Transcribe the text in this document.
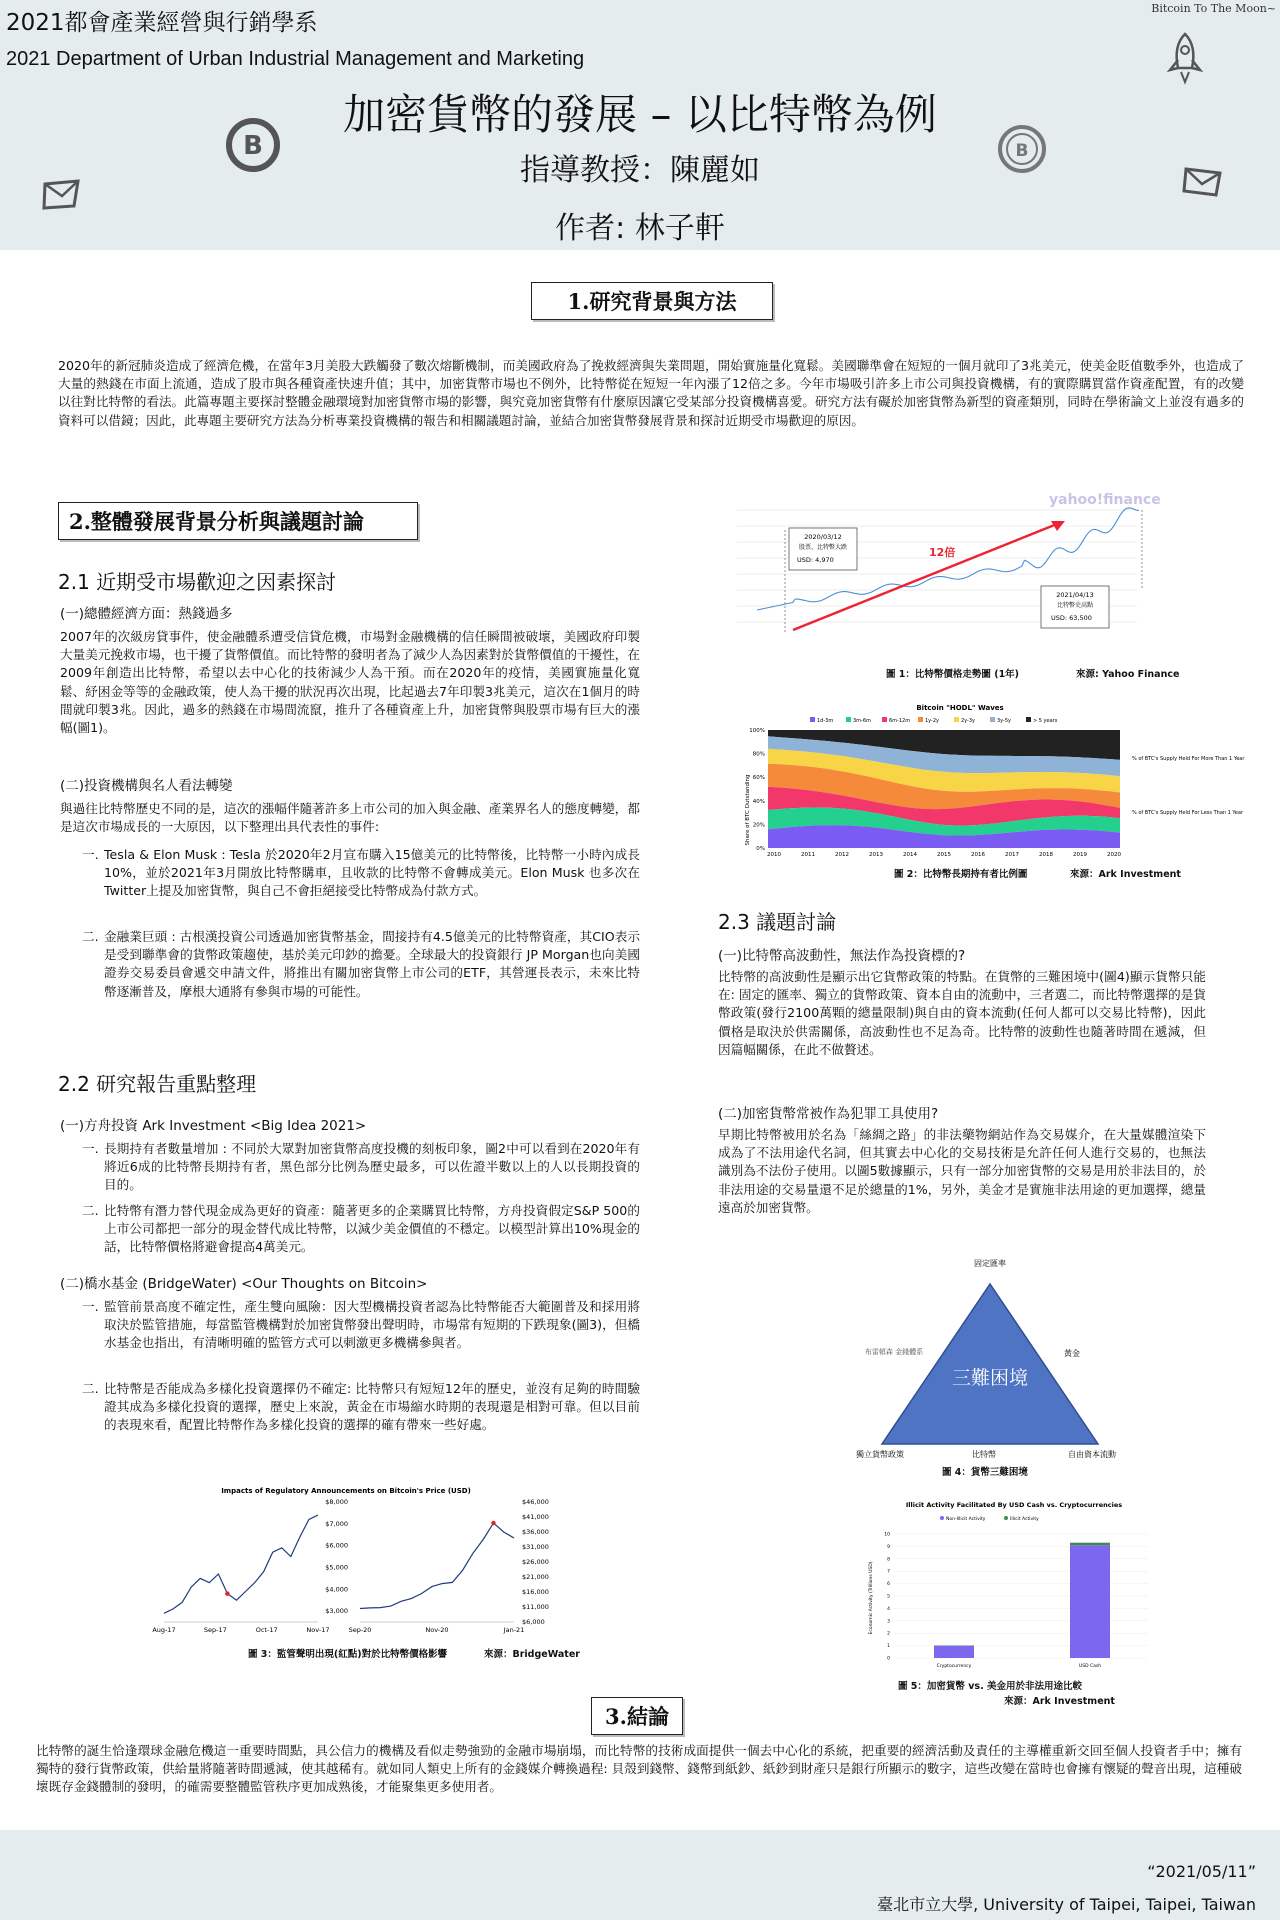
2021都會產業經營與行銷學系
2021 Department of Urban Industrial Management and Marketing
Bitcoin To The Moon~
加密貨幣的發展 – 以比特幣為例
指導教授：陳麗如
作者: 林子軒
B	B
1.研究背景與方法
2020年的新冠肺炎造成了經濟危機，在當年3月美股大跌觸發了數次熔斷機制，而美國政府為了挽救經濟與失業問題，開始實施量化寬鬆。美國聯準會在短短的一個月就印了3兆美元，使美金貶值數季外，也造成了大量的熱錢在市面上流通，造成了股市與各種資產快速升值；其中，加密貨幣市場也不例外，比特幣從在短短一年內漲了12倍之多。今年市場吸引許多上市公司與投資機構，有的實際購買當作資產配置，有的改變以往對比特幣的看法。此篇專題主要探討整體金融環境對加密貨幣市場的影響，與究竟加密貨幣有什麼原因讓它受某部分投資機構喜愛。研究方法有礙於加密貨幣為新型的資產類別，同時在學術論文上並沒有過多的資料可以借鏡；因此，此專題主要研究方法為分析專業投資機構的報告和相關議題討論，並結合加密貨幣發展背景和探討近期受市場歡迎的原因。
2.整體發展背景分析與議題討論
2.1 近期受市場歡迎之因素探討
(一)總體經濟方面：熱錢過多
2007年的次級房貸事件，使金融體系遭受信貸危機，市場對金融機構的信任瞬間被破壞，美國政府印製大量美元挽救市場，也干擾了貨幣價值。而比特幣的發明者為了減少人為因素對於貨幣價值的干擾性，在2009年創造出比特幣，希望以去中心化的技術減少人為干預。而在2020年的疫情，美國實施量化寬鬆、紓困金等等的金融政策，使人為干擾的狀況再次出現，比起過去7年印製3兆美元，這次在1個月的時間就印製3兆。因此，過多的熱錢在市場間流竄，推升了各種資產上升，加密貨幣與股票市場有巨大的漲幅(圖1)。
(二)投資機構與名人看法轉變
與過往比特幣歷史不同的是，這次的漲幅伴隨著許多上市公司的加入與金融、產業界名人的態度轉變，都是這次市場成長的一大原因，以下整理出具代表性的事件:
一. Tesla & Elon Musk : Tesla 於2020年2月宣布購入15億美元的比特幣後，比特幣一小時內成長10%，並於2021年3月開放比特幣購車，且收款的比特幣不會轉成美元。Elon Musk 也多次在Twitter上提及加密貨幣，與自己不會拒絕接受比特幣成為付款方式。
二. 金融業巨頭 : 古根漢投資公司透過加密貨幣基金，間接持有4.5億美元的比特幣資產，其CIO表示是受到聯準會的貨幣政策趨使，基於美元印鈔的擔憂。全球最大的投資銀行 JP Morgan也向美國證券交易委員會遞交申請文件，將推出有關加密貨幣上市公司的ETF，其營運長表示，未來比特幣逐漸普及，摩根大通將有參與市場的可能性。
2.2 研究報告重點整理
(一)方舟投資 Ark Investment <Big Idea 2021>
一. 長期持有者數量增加 : 不同於大眾對加密貨幣高度投機的刻板印象，圖2中可以看到在2020年有將近6成的比特幣長期持有者，黑色部分比例為歷史最多，可以佐證半數以上的人以長期投資的目的。
二. 比特幣有潛力替代現金成為更好的資產：隨著更多的企業購買比特幣，方舟投資假定S&P 500的上市公司都把一部分的現金替代成比特幣，以減少美金價值的不穩定。以模型計算出10%現金的話，比特幣價格將避會提高4萬美元。
(二)橋水基金 (BridgeWater) <Our Thoughts on Bitcoin>
一. 監管前景高度不確定性，產生雙向風險：因大型機構投資者認為比特幣能否大範圍普及和採用將取決於監管措施，每當監管機構對於加密貨幣發出聲明時，市場常有短期的下跌現象(圖3)，但橋水基金也指出，有清晰明確的監管方式可以刺激更多機構參與者。
二. 比特幣是否能成為多樣化投資選擇仍不確定: 比特幣只有短短12年的歷史，並沒有足夠的時間驗證其成為多樣化投資的選擇，歷史上來說，黃金在市場縮水時期的表現還是相對可靠。但以目前的表現來看，配置比特幣作為多樣化投資的選擇的確有帶來一些好處。
2.3 議題討論
(一)比特幣高波動性，無法作為投資標的?
比特幣的高波動性是顯示出它貨幣政策的特點。在貨幣的三難困境中(圖4)顯示貨幣只能在: 固定的匯率、獨立的貨幣政策、資本自由的流動中，三者選二，而比特幣選擇的是貨幣政策(發行2100萬顆的總量限制)與自由的資本流動(任何人都可以交易比特幣)，因此價格是取決於供需關係，高波動性也不足為奇。比特幣的波動性也隨著時間在遞減，但因篇幅關係，在此不做贅述。
(二)加密貨幣常被作為犯罪工具使用?
早期比特幣被用於名為「絲綢之路」的非法藥物網站作為交易媒介，在大量媒體渲染下成為了不法用途代名詞，但其實去中心化的交易技術是允許任何人進行交易的，也無法識別為不法份子使用。以圖5數據顯示，只有一部分加密貨幣的交易是用於非法目的，於非法用途的交易量還不足於總量的1%，另外，美金才是實施非法用途的更加選擇，總量遠高於加密貨幣。
yahoo!finance
2020/03/12
股票、比特幣大跌
USD: 4,970
2021/04/13
比特幣史高點
USD: 63,500
12倍
圖 1：比特幣價格走勢圖 (1年)	來源: Yahoo Finance
Bitcoin "HODL" Waves
1d-3m	3m-6m	6m-12m	1y-2y	2y-3y	3y-5y	> 5 years
Share of BTC Outstanding
0%
20%
40%
60%
80%
100%
2010	2011	2012	2013	2014	2015	2016	2017	2018	2019	2020
% of BTC's Supply Held For More Than 1 Year
% of BTC's Supply Held For Less Than 1 Year
圖 2：比特幣長期持有者比例圖	來源：Ark Investment
Impacts of Regulatory Announcements on Bitcoin's Price (USD)
$3,000
$4,000
$5,000
$6,000
$7,000
$8,000
Aug-17	Sep-17	Oct-17	Nov-17
$6,000
$11,000
$16,000
$21,000
$26,000
$31,000
$36,000
$41,000
$46,000
Sep-20	Nov-20	Jan-21
圖 3：監管聲明出現(紅點)對於比特幣價格影響	來源：BridgeWater
固定匯率
三難困境
布雷頓森 金錢體系	黃金
獨立貨幣政策	比特幣	自由資本流動
圖 4：貨幣三難困境
Illicit Activity Facilitated By USD Cash vs. Cryptocurrencies
Non-Illicit Activity	Illicit Activity
Economic Activity (Trillions USD)
0
1
2
3
4
5
6
7
8
9
10
Cryptocurrency	USD Cash
圖 5：加密貨幣 vs. 美金用於非法用途比較
來源：Ark Investment
3.結論
比特幣的誕生恰逢環球金融危機這一重要時間點，具公信力的機構及看似走勢強勁的金融市場崩塌，而比特幣的技術成面提供一個去中心化的系統，把重要的經濟活動及責任的主導權重新交回至個人投資者手中；擁有獨特的發行貨幣政策，供給量將隨著時間遞減，使其越稀有。就如同人類史上所有的金錢媒介轉換過程: 貝殼到錢幣、錢幣到紙鈔、紙鈔到財產只是銀行所顯示的數字，這些改變在當時也會擁有懷疑的聲音出現，這種破壞既存金錢體制的發明，的確需要整體監管秩序更加成熟後，才能聚集更多使用者。
“2021/05/11”
臺北市立大學, University of Taipei, Taipei, Taiwan
